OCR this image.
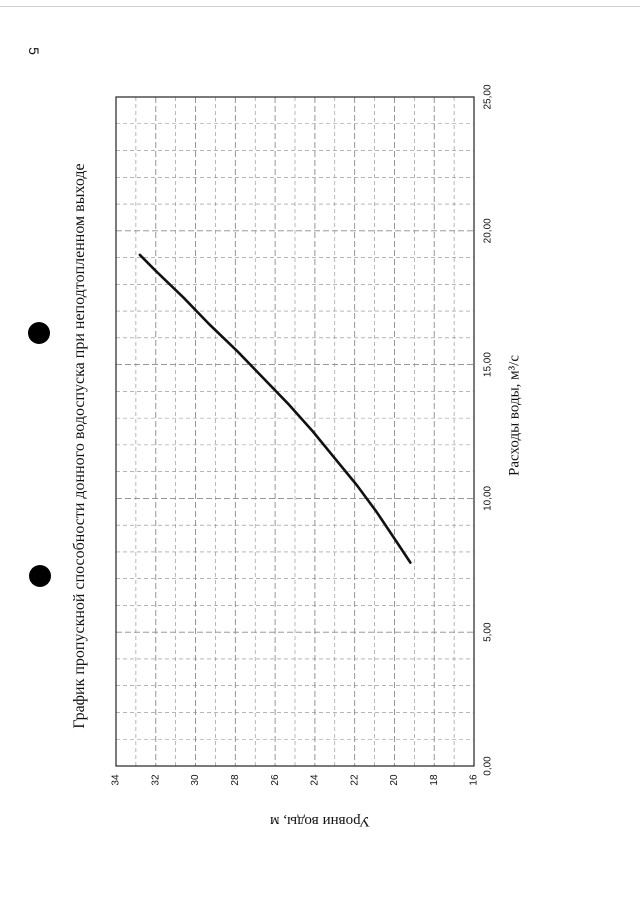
5
График пропускной способности донного водоспуска при неподтопленном выходе	Расходы воды, м³/с
Уровни воды, м
0,00
5,00
10,00
15,00
20,00
25,00
16
18
20
22
24
26
28
30
32
34
